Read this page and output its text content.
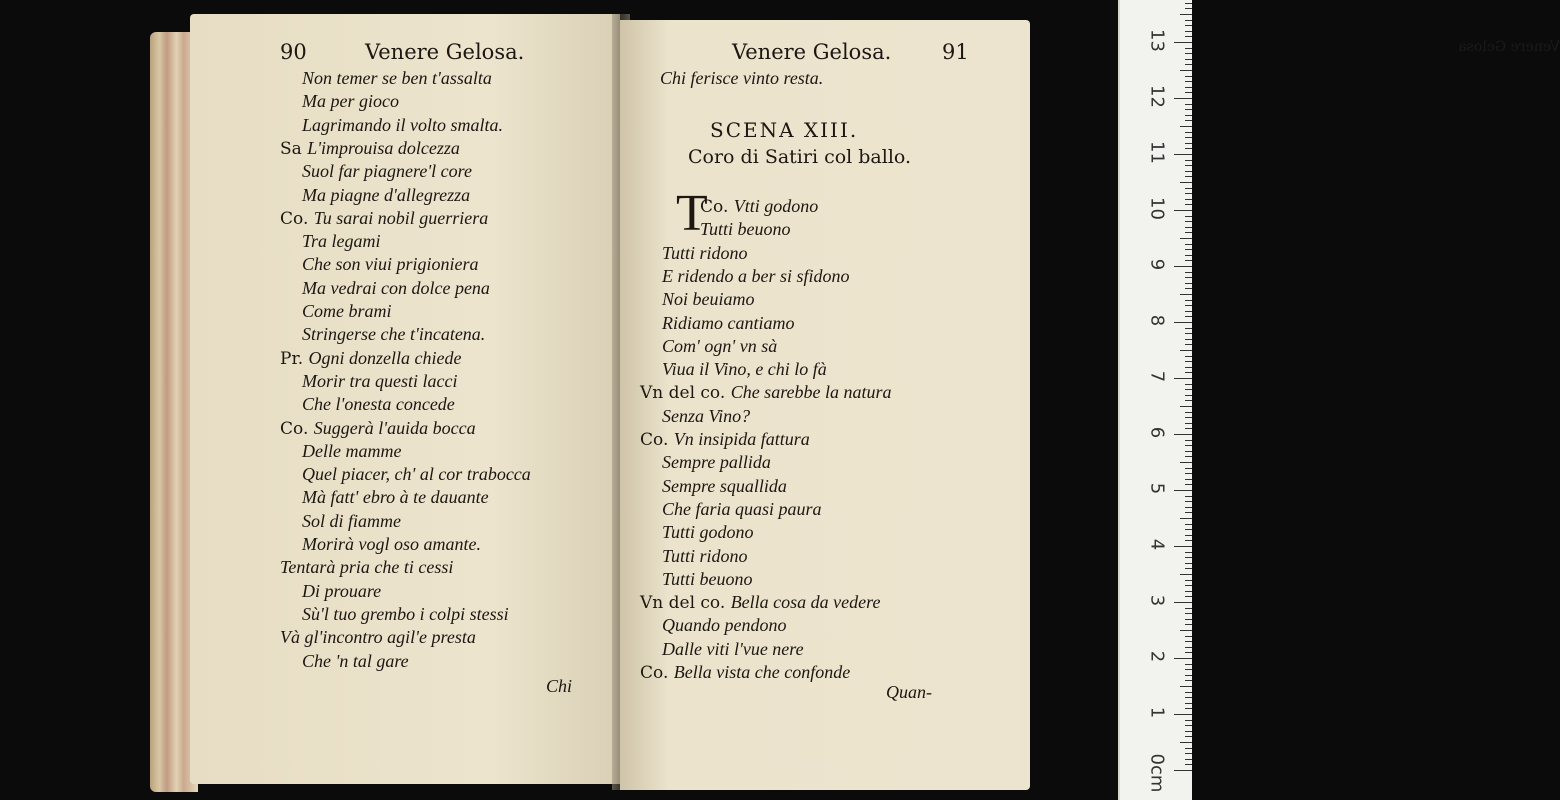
90	Venere Gelosa.
Non temer se ben t'assalta
Ma per gioco
Lagrimando il volto smalta.
Sa L'improuisa dolcezza
Suol far piagnere'l core
Ma piagne d'allegrezza
Co. Tu sarai nobil guerriera
Tra legami
Che son viui prigioniera
Ma vedrai con dolce pena
Come brami
Stringerse che t'incatena.
Pr. Ogni donzella chiede
Morir tra questi lacci
Che l'onesta concede
Co. Suggerà l'auida bocca
Delle mamme
Quel piacer, ch' al cor trabocca
Mà fatt' ebro à te dauante
Sol di fiamme
Morirà vogl oso amante.
Tentarà pria che ti cessi
Di prouare
Sù'l tuo grembo i colpi stessi
Và gl'incontro agil'e presta
Che 'n tal gare
Chi
Venere Gelosa
Venere Gelosa. 91
Chi ferisce vinto resta.
SCENA XIII.
Coro di Satiri col ballo.
T
Co. Vtti godono
Tutti beuono
Tutti ridono
E ridendo a ber si sfidono
Noi beuiamo
Ridiamo cantiamo
Com' ogn' vn sà
Viua il Vino, e chi lo fà
Vn del co. Che sarebbe la natura
Senza Vino?
Co. Vn insipida fattura
Sempre pallida
Sempre squallida
Che faria quasi paura
Tutti godono
Tutti ridono
Tutti beuono
Vn del co. Bella cosa da vedere
Quando pendono
Dalle viti l'vue nere
Co. Bella vista che confonde
Quan-
0cm
1
2
3
4
5
6
7
8
9
10
11
12
13
